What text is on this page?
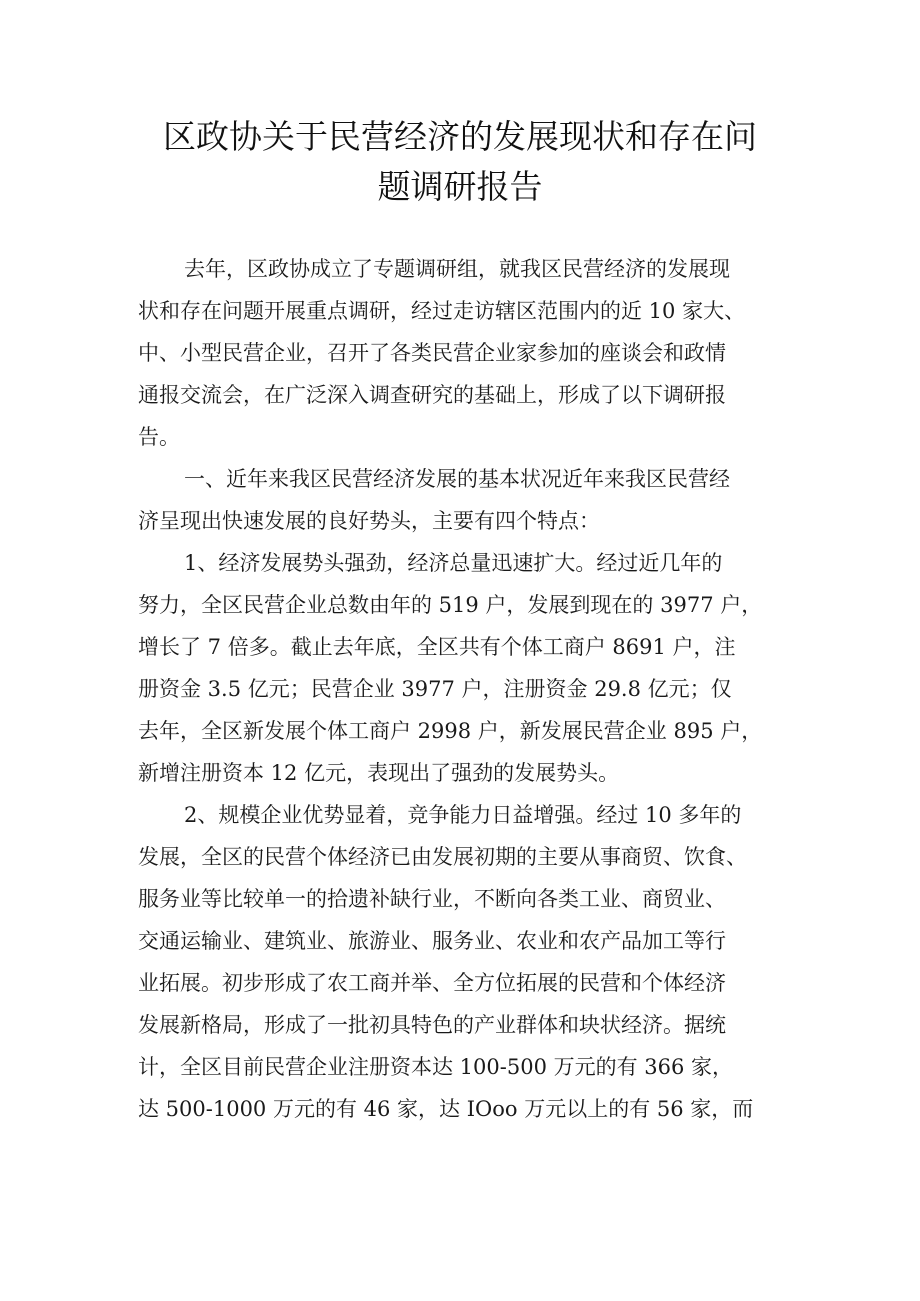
区政协关于民营经济的发展现状和存在问
题调研报告
去年，区政协成立了专题调研组，就我区民营经济的发展现
状和存在问题开展重点调研，经过走访辖区范围内的近 10 家大、
中、小型民营企业，召开了各类民营企业家参加的座谈会和政情
通报交流会，在广泛深入调查研究的基础上，形成了以下调研报
告。
一、近年来我区民营经济发展的基本状况近年来我区民营经
济呈现出快速发展的良好势头，主要有四个特点：
1、经济发展势头强劲，经济总量迅速扩大。经过近几年的
努力，全区民营企业总数由年的 519 户，发展到现在的 3977 户，
增长了 7 倍多。截止去年底，全区共有个体工商户 8691 户，注
册资金 3.5 亿元；民营企业 3977 户，注册资金 29.8 亿元；仅
去年，全区新发展个体工商户 2998 户，新发展民营企业 895 户，
新增注册资本 12 亿元，表现出了强劲的发展势头。
2、规模企业优势显着，竞争能力日益增强。经过 10 多年的
发展，全区的民营个体经济已由发展初期的主要从事商贸、饮食、
服务业等比较单一的拾遗补缺行业，不断向各类工业、商贸业、
交通运输业、建筑业、旅游业、服务业、农业和农产品加工等行
业拓展。初步形成了农工商并举、全方位拓展的民营和个体经济
发展新格局，形成了一批初具特色的产业群体和块状经济。据统
计，全区目前民营企业注册资本达 100-500 万元的有 366 家，
达 500-1000 万元的有 46 家，达 IOoo 万元以上的有 56 家，而
